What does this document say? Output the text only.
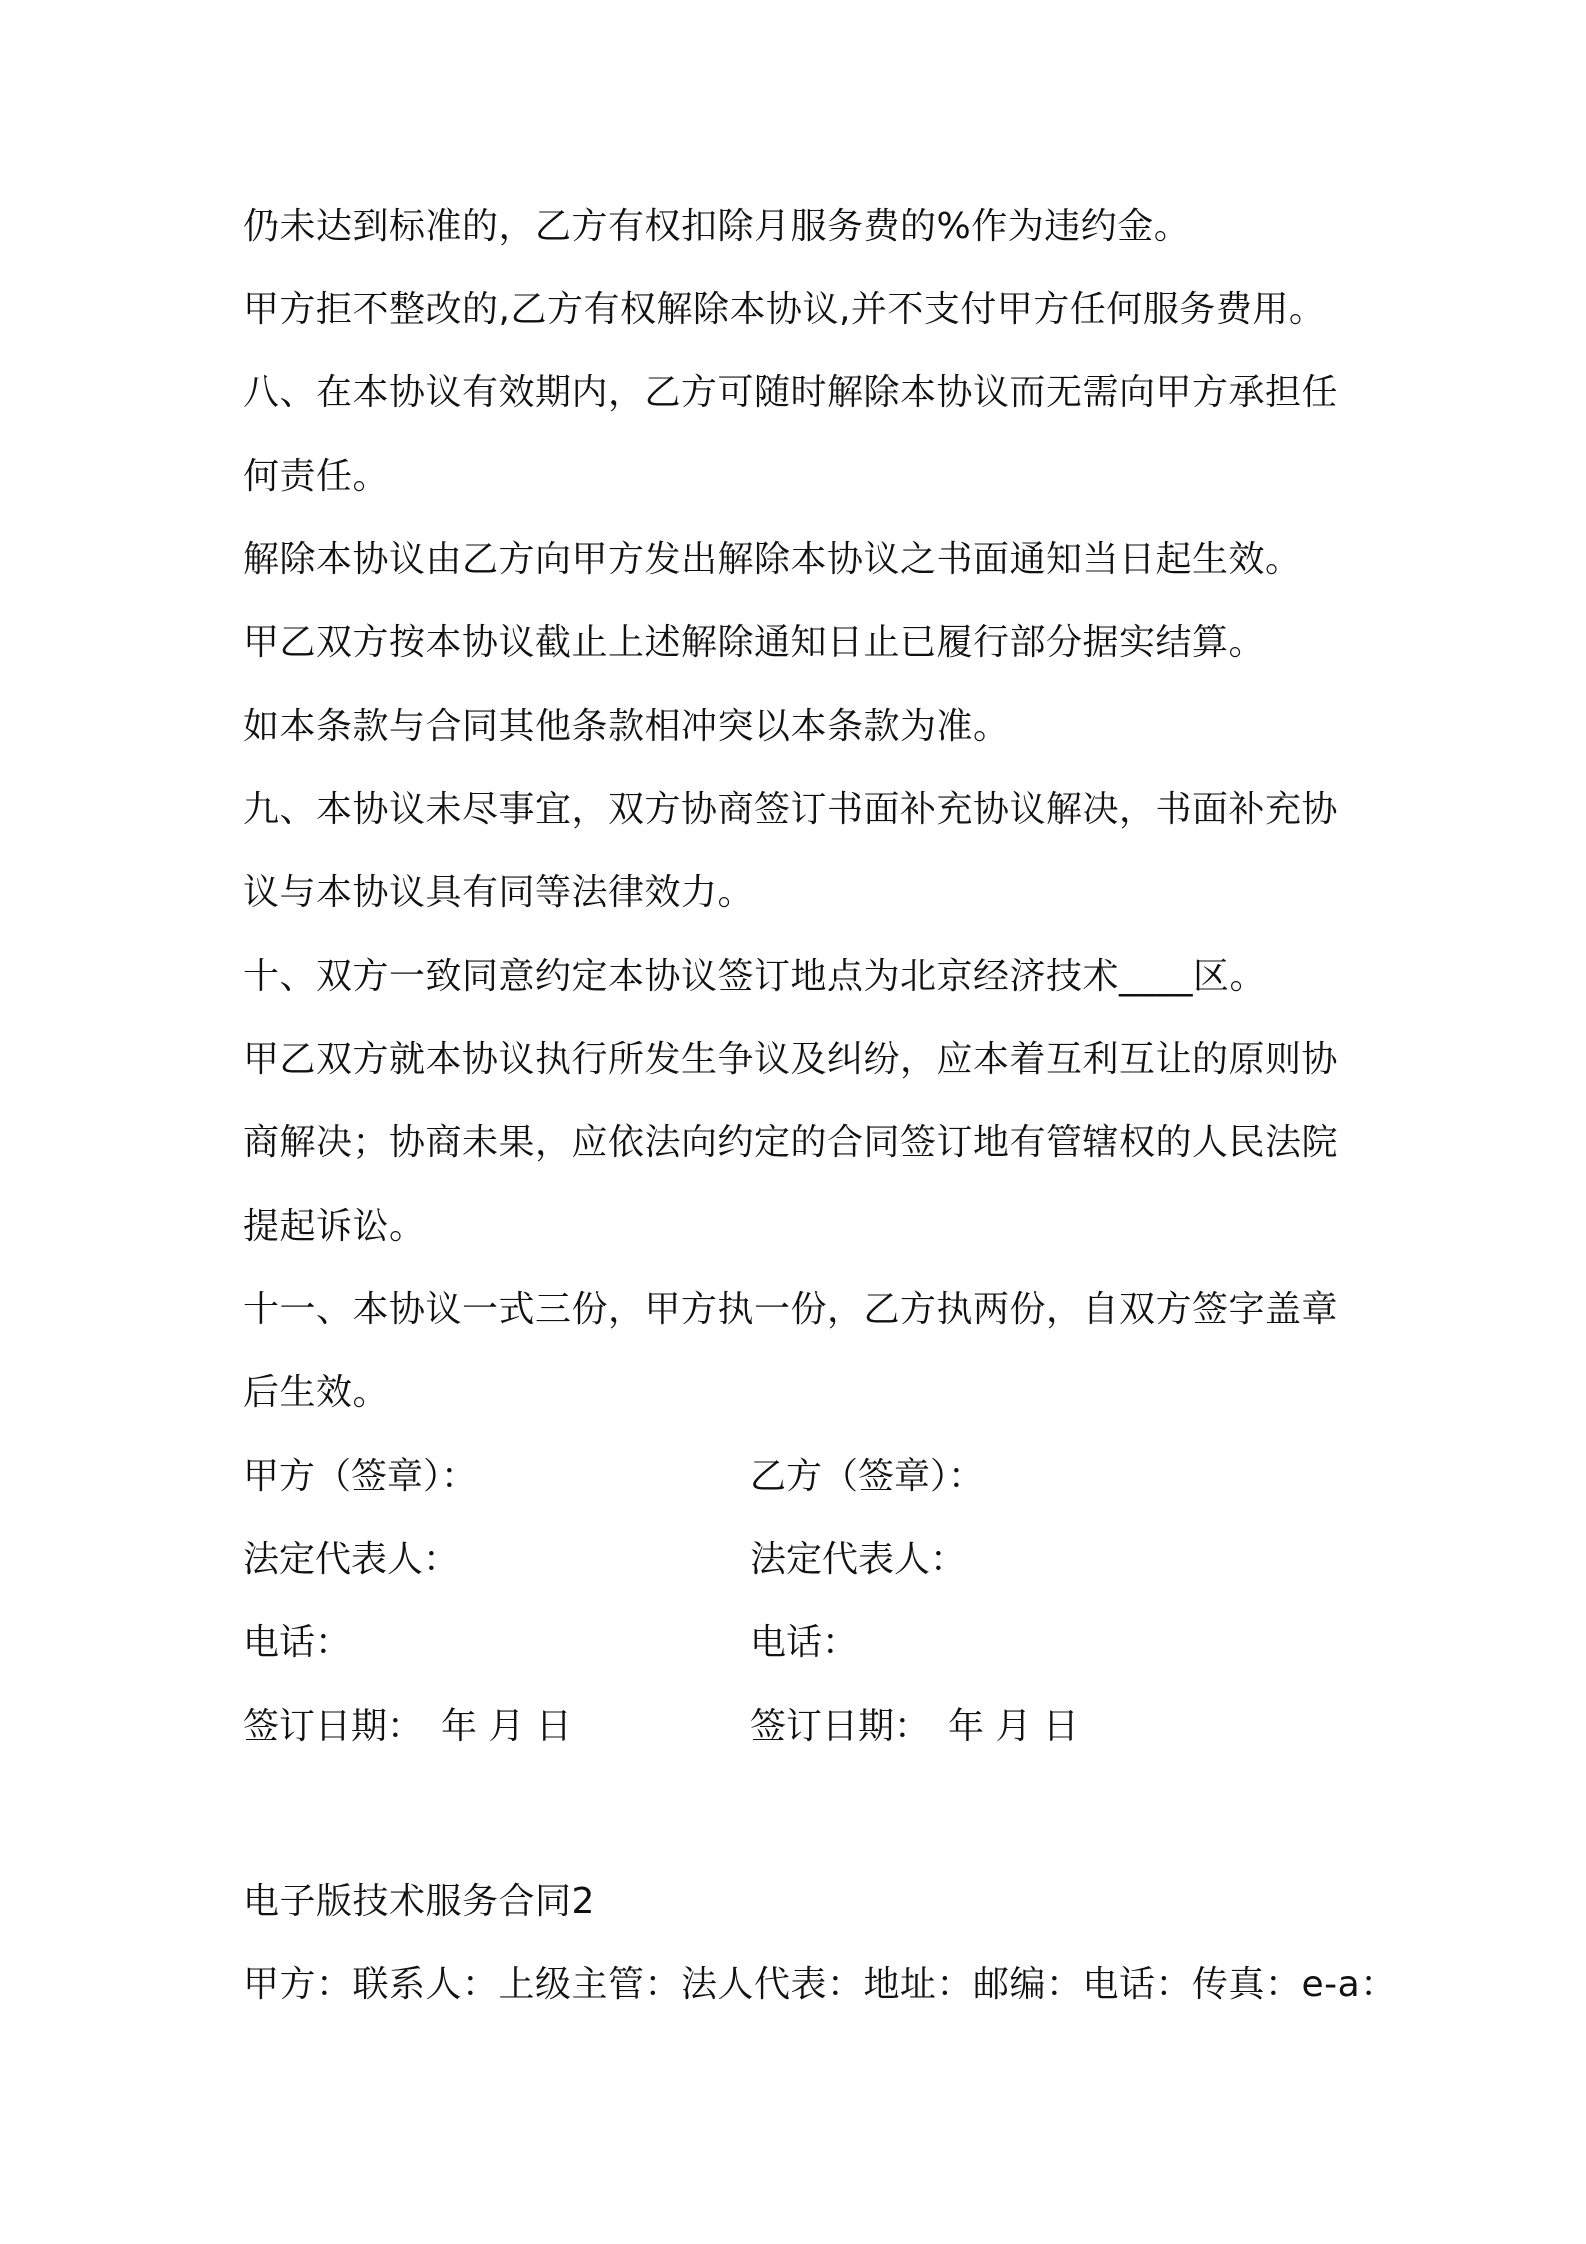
仍未达到标准的，乙方有权扣除月服务费的%作为违约金。
甲方拒不整改的,乙方有权解除本协议,并不支付甲方任何服务费用。
八、在本协议有效期内，乙方可随时解除本协议而无需向甲方承担任
何责任。
解除本协议由乙方向甲方发出解除本协议之书面通知当日起生效。
甲乙双方按本协议截止上述解除通知日止已履行部分据实结算。
如本条款与合同其他条款相冲突以本条款为准。
九、本协议未尽事宜，双方协商签订书面补充协议解决，书面补充协
议与本协议具有同等法律效力。
十、双方一致同意约定本协议签订地点为北京经济技术____区。
甲乙双方就本协议执行所发生争议及纠纷，应本着互利互让的原则协
商解决；协商未果，应依法向约定的合同签订地有管辖权的人民法院
提起诉讼。
十一、本协议一式三份，甲方执一份，乙方执两份，自双方签字盖章
后生效。
甲方（签章）：	乙方（签章）：
法定代表人：	法定代表人：
电话：	电话：
签订日期：　年 月 日	签订日期：　年 月 日
电子版技术服务合同2
甲方：联系人：上级主管：法人代表：地址：邮编：电话：传真：e-a：
